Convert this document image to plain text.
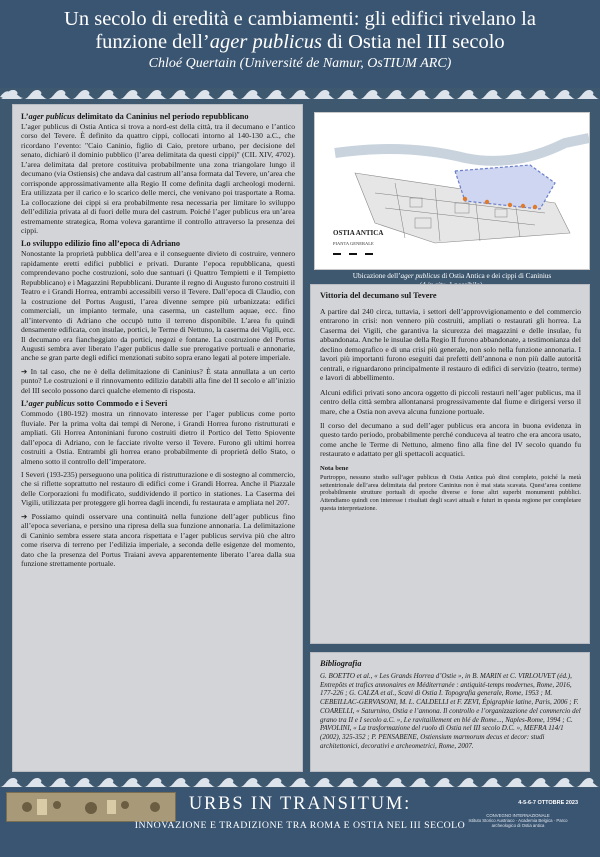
Un secolo di eredità e cambiamenti: gli edifici rivelano la
funzione dell’ager publicus di Ostia nel III secolo
Chloé Quertain (Université de Namur, OsTIUM ARC)
L’ager publicus delimitato da Caninius nel periodo repubblicano

L’ager publicus di Ostia Antica si trova a nord-est della città, tra il decumano e l’antico corso del Tevere. È definito da quattro cippi, collocati intorno al 140-130 a.C., che ricordano l’evento: "Caio Caninio, figlio di Caio, pretore urbano, per decisione del senato, dichiarò il dominio pubblico (l’area delimitata da questi cippi)" (CIL XIV, 4702). L’area delimitata dal pretore costituiva probabilmente una zona triangolare lungo il decumano (via Ostiensis) che andava dal castrum all’ansa formata dal Tevere, un’area che corrisponde approssimativamente alla Regio II come definita dagli archeologi moderni. Era utilizzata per il carico e lo scarico delle merci, che venivano poi trasportate a Roma. La collocazione dei cippi si era probabilmente resa necessaria per limitare lo sviluppo dell’edilizia privata al di fuori delle mura del castrum. Poiché l’ager publicus era un’area estremamente strategica, Roma voleva garantirne il controllo attraverso la presenza dei cippi.

Lo sviluppo edilizio fino all’epoca di Adriano

Nonostante la proprietà pubblica dell’area e il conseguente divieto di costruire, vennero rapidamente eretti edifici pubblici e privati. Durante l’epoca repubblicana, questi comprendevano poche costruzioni, solo due santuari (i Quattro Tempietti e il Tempietto Repubblicano) e i Magazzini Repubblicani. Durante il regno di Augusto furono costruiti il Teatro e i Grandi Horrea, entrambi accessibili verso il Tevere. Dall’epoca di Claudio, con la costruzione del Portus Augusti, l’area divenne sempre più urbanizzata: edifici commerciali, un impianto termale, una caserma, un castellum aquae, ecc. fino all’intervento di Adriano che occupò tutto il terreno disponibile. L’area fu quindi densamente edificata, con insulae, portici, le Terme di Nettuno, la caserma dei Vigili, ecc. Il decumano era fiancheggiato da portici, negozi e fontane. La costruzione del Portus Augusti sembra aver liberato l’ager publicus dalle sue prerogative portuali e annonarie, anche se gran parte degli edifici menzionati subito sopra erano legati al potere imperiale.

➔ In tal caso, che ne è della delimitazione di Caninius? È stata annullata a un certo punto? Le costruzioni e il rinnovamento edilizio databili alla fine del II secolo e all’inizio del III secolo possono darci qualche elemento di risposta.

L’ager publicus sotto Commodo e i Severi

Commodo (180-192) mostra un rinnovato interesse per l’ager publicus come porto fluviale. Per la prima volta dai tempi di Nerone, i Grandi Horrea furono ristrutturati e ampliati. Gli Horrea Antoniniani furono costruiti dietro il Portico del Tetto Spiovente dall’epoca di Adriano, con le facciate rivolte verso il Tevere. Furono gli ultimi horrea costruiti a Ostia. Entrambi gli horrea erano probabilmente di proprietà dello Stato, o almeno sotto il controllo dell’imperatore.

I Severi (193-235) perseguono una politica di ristrutturazione e di sostegno al commercio, che si riflette soprattutto nel restauro di edifici come i Grandi Horrea. Anche il Piazzale delle Corporazioni fu modificato, suddividendo il portico in stationes. La Caserma dei Vigili, utilizzata per proteggere gli horrea dagli incendi, fu restaurata e ampliata nel 207.

➔ Possiamo quindi osservare una continuità nella funzione dell’ager publicus fino all’epoca severiana, e persino una ripresa della sua funzione annonaria. La delimitazione di Caninio sembra essere stata ancora rispettata e l’ager publicus serviva più che altro come riserva di terreno per l’edilizia imperiale, a seconda delle esigenze del momento, dato che la presenza del Portus Traiani aveva apparentemente liberato l’area dalla sua funzione strettamente portuale.

OSTIA ANTICA
PIANTA GENERALE
Ubicazione dell’ager publicus di Ostia Antica e dei cippi di Caninius
Vittoria del decumano sul Tevere

A partire dal 240 circa, tuttavia, i settori dell’approvvigionamento e del commercio entrarono in crisi: non vennero più costruiti, ampliati o restaurati gli horrea. La Caserma dei Vigili, che garantiva la sicurezza dei magazzini e delle insulae, fu abbandonata. Anche le insulae della Regio II furono abbandonate, a testimonianza del declino demografico e di una crisi più generale, non solo nella funzione annonaria. I lavori più importanti furono eseguiti dai prefetti dell’annona e non più dalle autorità centrali, e riguardarono principalmente il restauro di edifici di servizio (teatro, terme) e lavori di abbellimento.

Alcuni edifici privati sono ancora oggetto di piccoli restauri nell’ager publicus, ma il centro della città sembra allontanarsi progressivamente dal fiume e dirigersi verso il mare, che a Ostia non aveva alcuna funzione portuale.

Il corso del decumano a sud dell’ager publicus era ancora in buona evidenza in questo tardo periodo, probabilmente perché conduceva al teatro che era ancora usato, come anche le Terme di Nettuno, almeno fino alla fine del IV secolo quando fu restaurato e adattato per gli spettacoli acquatici.

Nota bene

Purtroppo, nessuno studio sull’ager publicus di Ostia Antica può dirsi completo, poiché la metà settentrionale dell’area delimitata dal pretore Caninius non è mai stata scavata. Quest’area contiene probabilmente strutture portuali di epoche diverse e forse altri superbi monumenti pubblici. Attendiamo quindi con interesse i risultati degli scavi attuali e futuri in questa regione per completare questa interpretazione.

Bibliografia

G. BOETTO et al., « Les Grands Horrea d’Ostie », in B. MARIN et C. VIRLOUVET (éd.), Entrepôts et trafics annonaires en Méditerranée : antiquité-temps modernes, Rome, 2016, 177-226 ; G. CALZA et al., Scavi di Ostia I. Topografia generale, Rome, 1953 ; M. CEBEILLAC-GERVASONI, M. L. CALDELLI et F. ZEVI, Épigraphie latine, Paris, 2006 ; F. COARELLI, « Saturnino, Ostia e l’annona. Il controllo e l’organizzazione del commercio del grano tra II e I secolo a.C. », Le ravitaillement en blé de Rome..., Naples-Rome, 1994 ; C. PAVOLINI, « La trasformazione del ruolo di Ostia nel III secolo D.C. », MEFRA 114/1 (2002), 325-352 ; P. PENSABENE, Ostiensium marmorum decus et decor: studi architettonici, decorativi e archeometrici, Rome, 2007.

URBS IN TRANSITUM:
INNOVAZIONE E TRADIZIONE TRA ROMA E OSTIA NEL III SECOLO
4-5-6-7 OTTOBRE 2023
CONVEGNO INTERNAZIONALE
Istituto Storico Austriaco · Academia Belgica · Parco archeologico di Ostia antica
